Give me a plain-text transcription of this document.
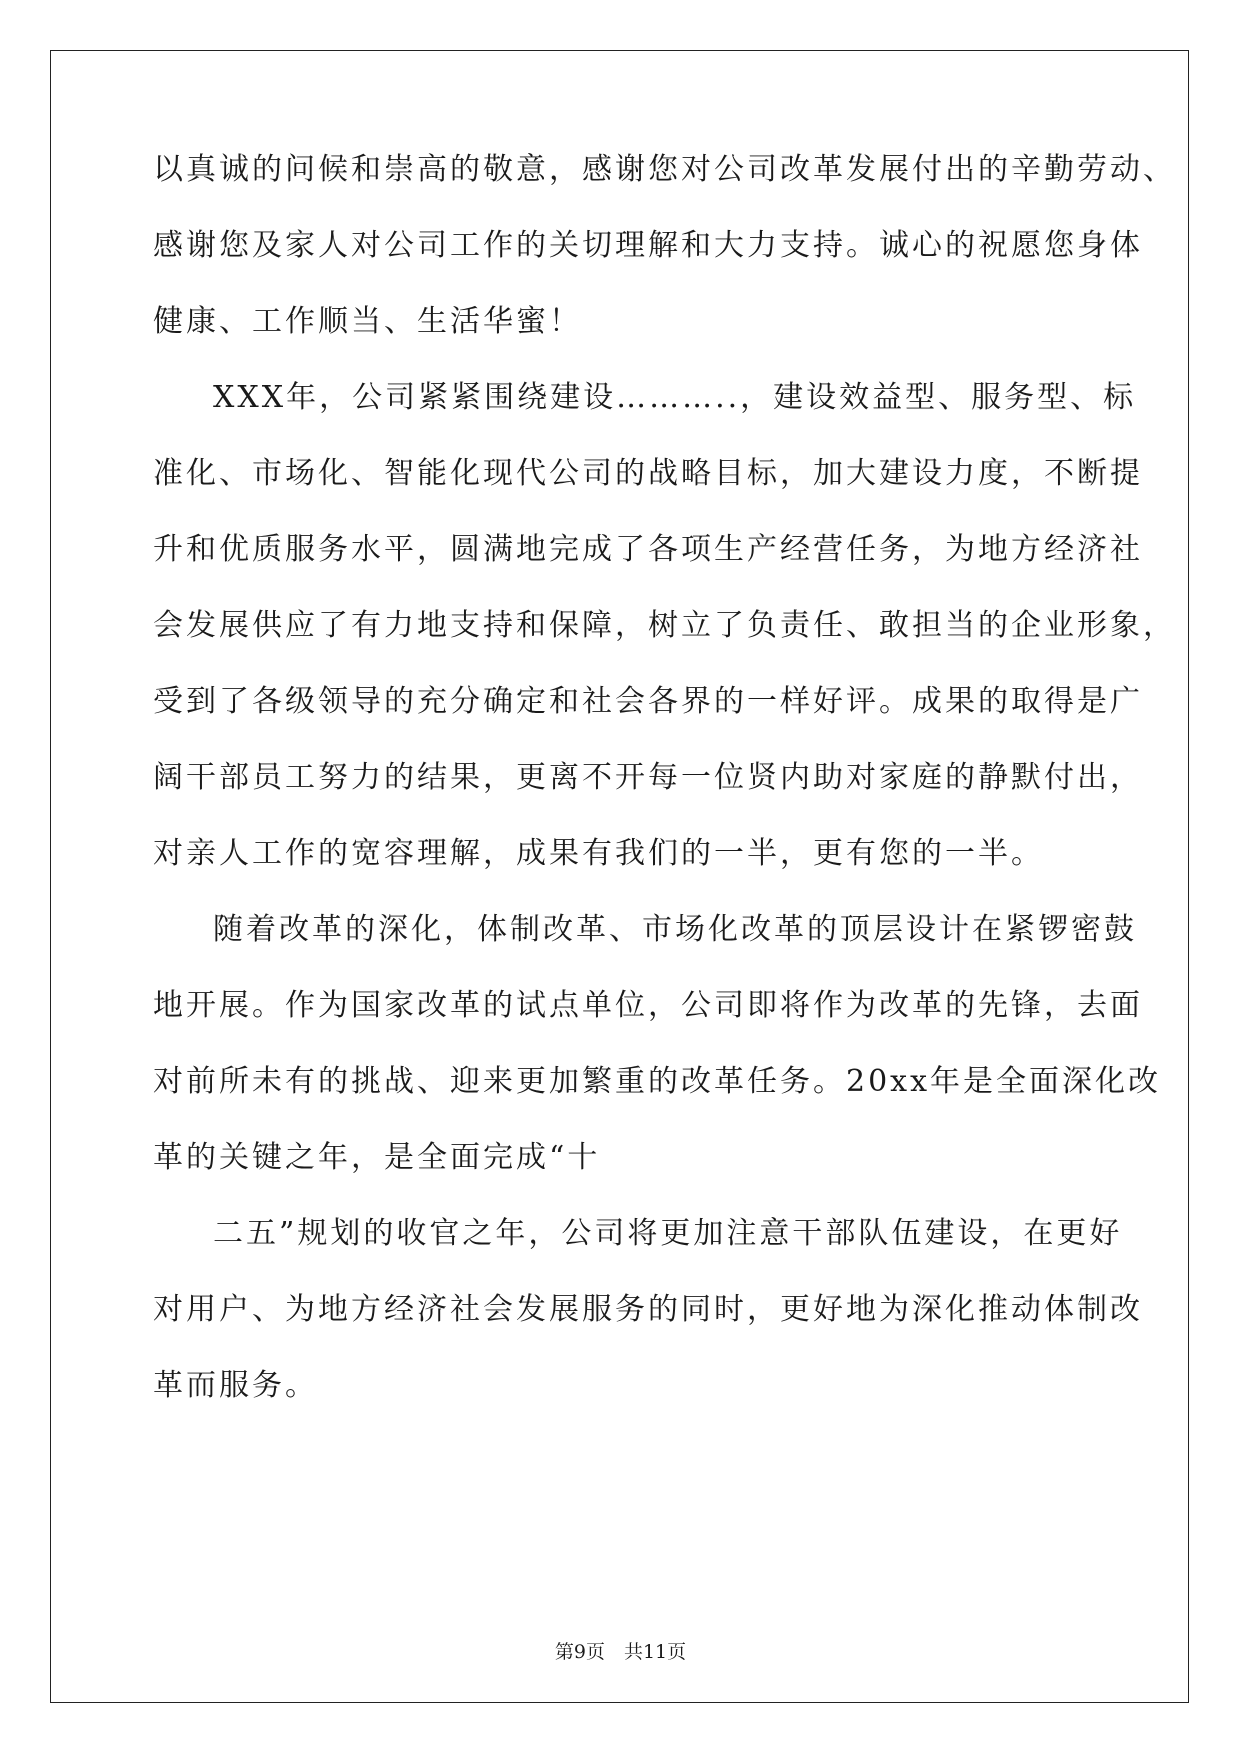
以真诚的问候和崇高的敬意，感谢您对公司改革发展付出的辛勤劳动、
感谢您及家人对公司工作的关切理解和大力支持。诚心的祝愿您身体
健康、工作顺当、生活华蜜！
XXX年，公司紧紧围绕建设………..，建设效益型、服务型、标
准化、市场化、智能化现代公司的战略目标，加大建设力度，不断提
升和优质服务水平，圆满地完成了各项生产经营任务，为地方经济社
会发展供应了有力地支持和保障，树立了负责任、敢担当的企业形象，
受到了各级领导的充分确定和社会各界的一样好评。成果的取得是广
阔干部员工努力的结果，更离不开每一位贤内助对家庭的静默付出，
对亲人工作的宽容理解，成果有我们的一半，更有您的一半。
随着改革的深化，体制改革、市场化改革的顶层设计在紧锣密鼓
地开展。作为国家改革的试点单位，公司即将作为改革的先锋，去面
对前所未有的挑战、迎来更加繁重的改革任务。20xx年是全面深化改
革的关键之年，是全面完成“十
二五”规划的收官之年，公司将更加注意干部队伍建设，在更好
对用户、为地方经济社会发展服务的同时，更好地为深化推动体制改
革而服务。
第9页　共11页
